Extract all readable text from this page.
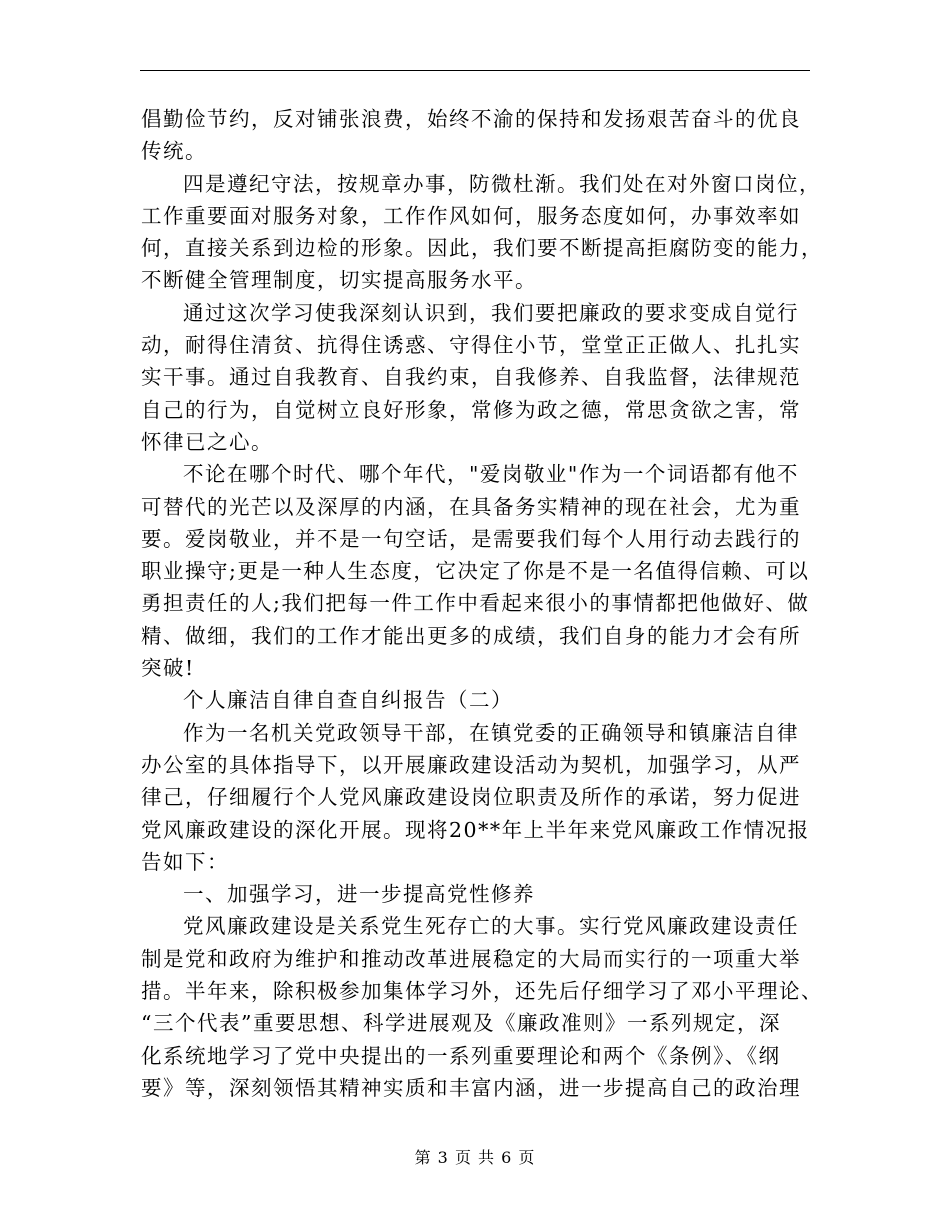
倡勤俭节约，反对铺张浪费，始终不渝的保持和发扬艰苦奋斗的优良
传统。
四是遵纪守法，按规章办事，防微杜渐。我们处在对外窗口岗位，
工作重要面对服务对象，工作作风如何，服务态度如何，办事效率如
何，直接关系到边检的形象。因此，我们要不断提高拒腐防变的能力，
不断健全管理制度，切实提高服务水平。
通过这次学习使我深刻认识到，我们要把廉政的要求变成自觉行
动，耐得住清贫、抗得住诱惑、守得住小节，堂堂正正做人、扎扎实
实干事。通过自我教育、自我约束，自我修养、自我监督，法律规范
自己的行为，自觉树立良好形象，常修为政之德，常思贪欲之害，常
怀律已之心。
不论在哪个时代、哪个年代，"爱岗敬业"作为一个词语都有他不
可替代的光芒以及深厚的内涵，在具备务实精神的现在社会，尤为重
要。爱岗敬业，并不是一句空话，是需要我们每个人用行动去践行的
职业操守;更是一种人生态度，它决定了你是不是一名值得信赖、可以
勇担责任的人;我们把每一件工作中看起来很小的事情都把他做好、做
精、做细，我们的工作才能出更多的成绩，我们自身的能力才会有所
突破!
个人廉洁自律自查自纠报告（二）
作为一名机关党政领导干部，在镇党委的正确领导和镇廉洁自律
办公室的具体指导下，以开展廉政建设活动为契机，加强学习，从严
律己，仔细履行个人党风廉政建设岗位职责及所作的承诺，努力促进
党风廉政建设的深化开展。现将20**年上半年来党风廉政工作情况报
告如下：
一、加强学习，进一步提高党性修养
党风廉政建设是关系党生死存亡的大事。实行党风廉政建设责任
制是党和政府为维护和推动改革进展稳定的大局而实行的一项重大举
措。半年来，除积极参加集体学习外，还先后仔细学习了邓小平理论、
“三个代表”重要思想、科学进展观及《廉政准则》一系列规定，深
化系统地学习了党中央提出的一系列重要理论和两个《条例》、《纲
要》等，深刻领悟其精神实质和丰富内涵，进一步提高自己的政治理
第 3 页 共 6 页
